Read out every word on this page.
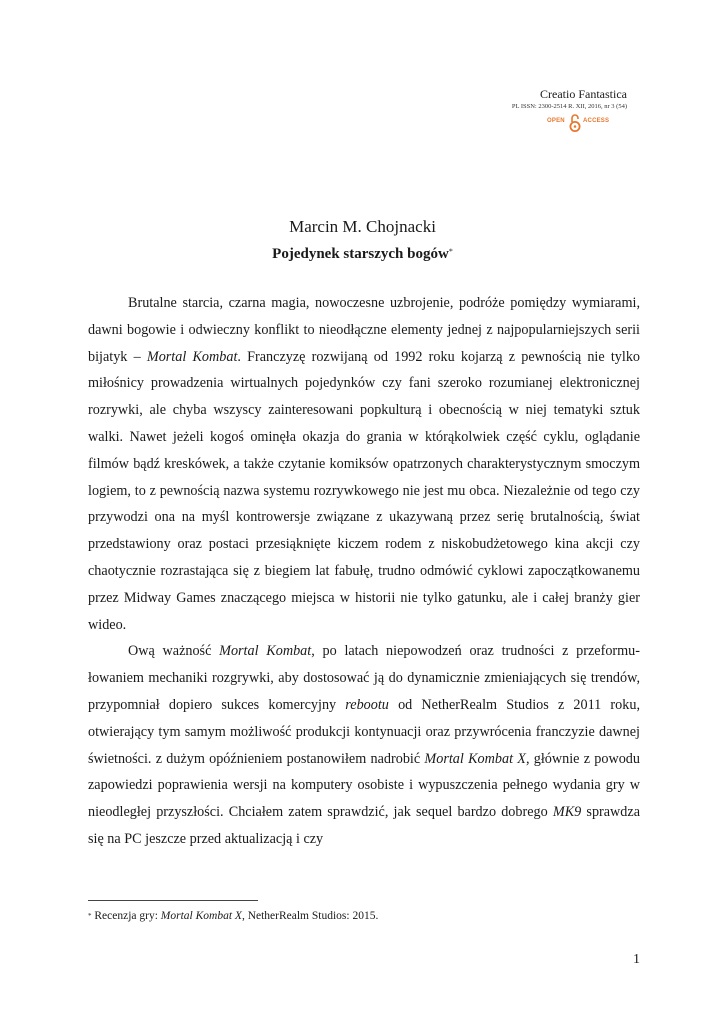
Creatio Fantastica
PL ISSN: 2300-2514 R. XII, 2016, nr 3 (54)
OPEN	ACCESS
Marcin M. Chojnacki
Pojedynek starszych bogów*

Brutalne starcia, czarna magia, nowoczesne uzbrojenie, podróże pomiędzy wymiarami, dawni bogowie i odwieczny konflikt to nieodłączne elementy jednej z najpopularniejszych serii bijatyk – Mortal Kombat. Franczyzę rozwijaną od 1992 roku kojarzą z pewnością nie tylko miłośnicy prowadzenia wirtualnych pojedynków czy fani szeroko rozumianej elektronicznej rozrywki, ale chyba wszyscy zainteresowani popkulturą i obecnością w niej tematyki sztuk walki. Nawet jeżeli kogoś ominęła okazja do grania w którąkolwiek część cyklu, oglądanie filmów bądź kreskówek, a także czytanie komiksów opatrzonych charakterystycznym smoczym logiem, to z pewnością nazwa systemu rozrywkowego nie jest mu obca. Niezależnie od tego czy przywodzi ona na myśl kontrowersje związane z ukazywaną przez serię brutalnością, świat przedstawiony oraz postaci przesiąknięte kiczem rodem z niskobudżetowego kina akcji czy chaotycznie rozrastająca się z biegiem lat fabułę, trudno odmówić cyklowi zapoczątkowanemu przez Midway Games znaczącego miejsca w historii nie tylko gatunku, ale i całej branży gier wideo.

Ową ważność Mortal Kombat, po latach niepowodzeń oraz trudności z przeformułowaniem mechaniki rozgrywki, aby dostosować ją do dynamicznie zmieniających się trendów, przypomniał dopiero sukces komercyjny rebootu od NetherRealm Studios z 2011 roku, otwierający tym samym możliwość produkcji kontynuacji oraz przywrócenia franczyzie dawnej świetności. z dużym opóźnieniem postanowiłem nadrobić Mortal Kombat X, głównie z powodu zapowiedzi poprawienia wersji na komputery osobiste i wypuszczenia pełnego wydania gry w nieodległej przyszłości. Chciałem zatem sprawdzić, jak sequel bardzo dobrego MK9 sprawdza się na PC jeszcze przed aktualizacją i czy

* Recenzja gry: Mortal Kombat X, NetherRealm Studios: 2015.
1
